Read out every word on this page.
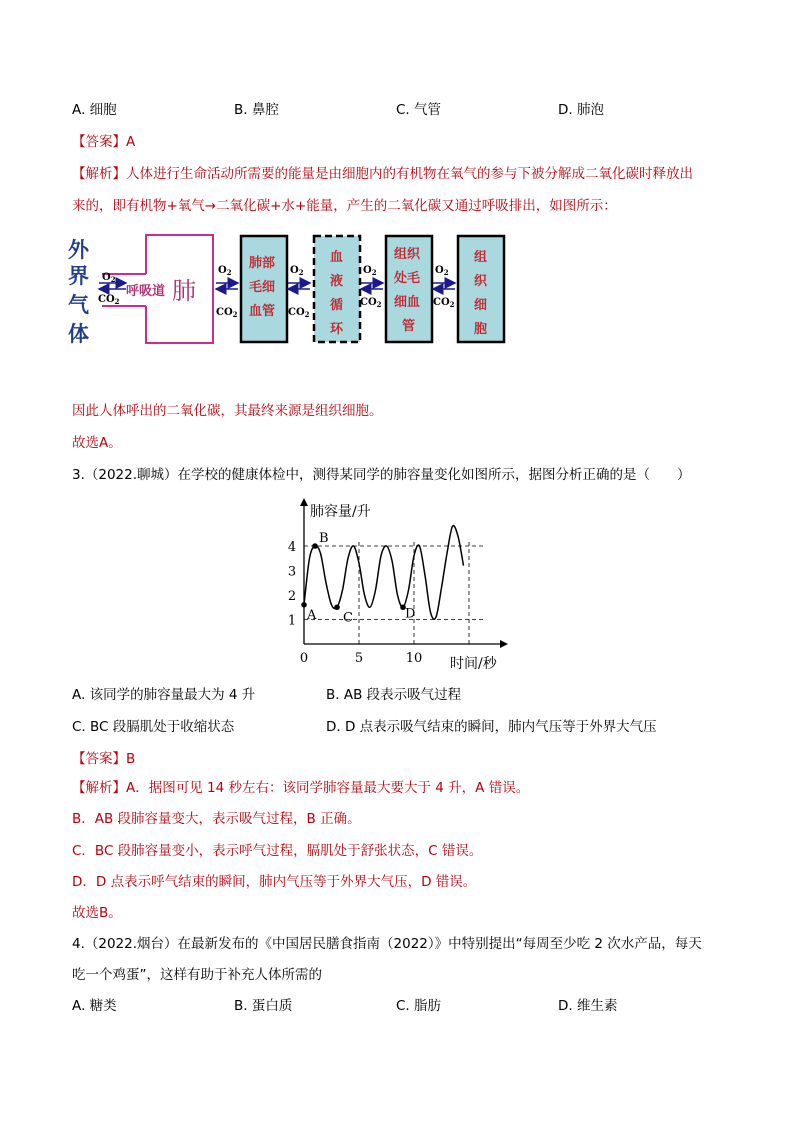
A. 细胞	B. 鼻腔	C. 气管	D. 肺泡
【答案】A
【解析】人体进行生命活动所需要的能量是由细胞内的有机物在氧气的参与下被分解成二氧化碳时释放出
来的，即有机物+氧气→二氧化碳+水+能量，产生的二氧化碳又通过呼吸排出，如图所示：
外
界
气
体
呼吸道 肺
$O_2$
$CO_2$
$O_2$
$CO_2$
肺部
毛细
血管
$O_2$
$CO_2$
血
液
循
环
$O_2$
$CO_2$
组织
处毛
细血
管
$O_2$
$CO_2$
组
织
细
胞
因此人体呼出的二氧化碳，其最终来源是组织细胞。
故选A。
3.（2022.聊城）在学校的健康体检中，测得某同学的肺容量变化如图所示，据图分析正确的是（　　）
1
2
3
4
0	5	10
肺容量/升
时间/秒
A
B
C	D
A. 该同学的肺容量最大为 4 升	B. AB 段表示吸气过程
C. BC 段膈肌处于收缩状态	D. D 点表示吸气结束的瞬间，肺内气压等于外界大气压
【答案】B
【解析】A．据图可见 14 秒左右：该同学肺容量最大要大于 4 升，A 错误。
B．AB 段肺容量变大，表示吸气过程，B 正确。
C．BC 段肺容量变小，表示呼气过程，膈肌处于舒张状态，C 错误。
D．D 点表示呼气结束的瞬间，肺内气压等于外界大气压，D 错误。
故选B。
4.（2022.烟台）在最新发布的《中国居民膳食指南（2022）》中特别提出“每周至少吃 2 次水产品，每天
吃一个鸡蛋”，这样有助于补充人体所需的
A. 糖类	B. 蛋白质	C. 脂肪	D. 维生素
